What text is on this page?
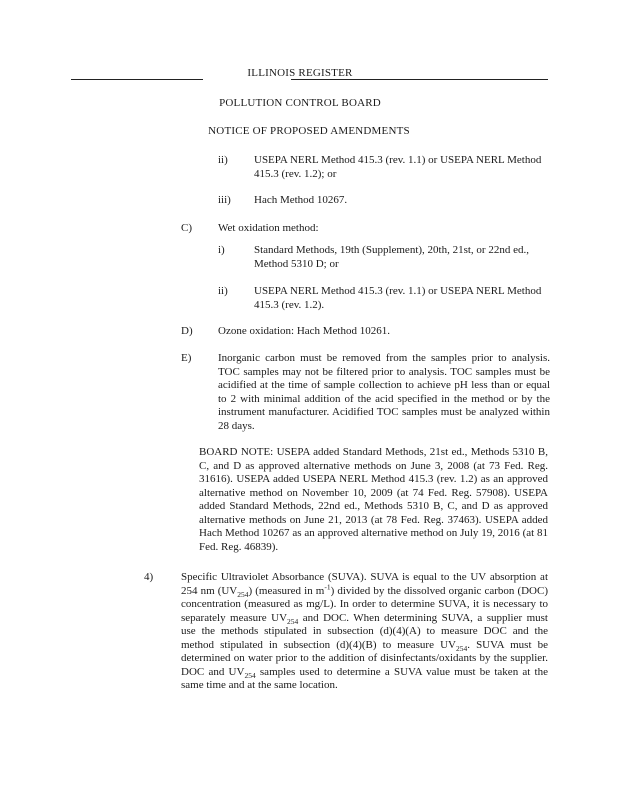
ILLINOIS REGISTER
POLLUTION CONTROL BOARD
NOTICE OF PROPOSED AMENDMENTS
ii) USEPA NERL Method 415.3 (rev. 1.1) or USEPA NERL Method 415.3 (rev. 1.2); or
iii) Hach Method 10267.
C) Wet oxidation method:
i)	Standard Methods, 19th (Supplement), 20th, 21st, or 22nd ed., Method 5310 D; or
ii) USEPA NERL Method 415.3 (rev. 1.1) or USEPA NERL Method 415.3 (rev. 1.2).
D) Ozone oxidation: Hach Method 10261.
E) Inorganic carbon must be removed from the samples prior to analysis. TOC samples may not be filtered prior to analysis. TOC samples must be acidified at the time of sample collection to achieve pH less than or equal to 2 with minimal addition of the acid specified in the method or by the instrument manufacturer. Acidified TOC samples must be analyzed within 28 days.
BOARD NOTE: USEPA added Standard Methods, 21st ed., Methods 5310 B, C, and D as approved alternative methods on June 3, 2008 (at 73 Fed. Reg. 31616). USEPA added USEPA NERL Method 415.3 (rev. 1.2) as an approved alternative method on November 10, 2009 (at 74 Fed. Reg. 57908). USEPA added Standard Methods, 22nd ed., Methods 5310 B, C, and D as approved alternative methods on June 21, 2013 (at 78 Fed. Reg. 37463). USEPA added Hach Method 10267 as an approved alternative method on July 19, 2016 (at 81 Fed. Reg. 46839).
4)	Specific Ultraviolet Absorbance (SUVA). SUVA is equal to the UV absorption at 254 nm $(UV_{254})$ (measured in $m^{-1}$) divided by the dissolved organic carbon (DOC) concentration (measured as mg/L). In order to determine SUVA, it is necessary to separately measure $UV_{254}$ and DOC. When determining SUVA, a supplier must use the methods stipulated in subsection (d)(4)(A) to measure DOC and the method stipulated in subsection (d)(4)(B) to measure $UV_{254}$. SUVA must be determined on water prior to the addition of disinfectants/oxidants by the supplier. DOC and $UV_{254}$ samples used to determine a SUVA value must be taken at the same time and at the same location.
